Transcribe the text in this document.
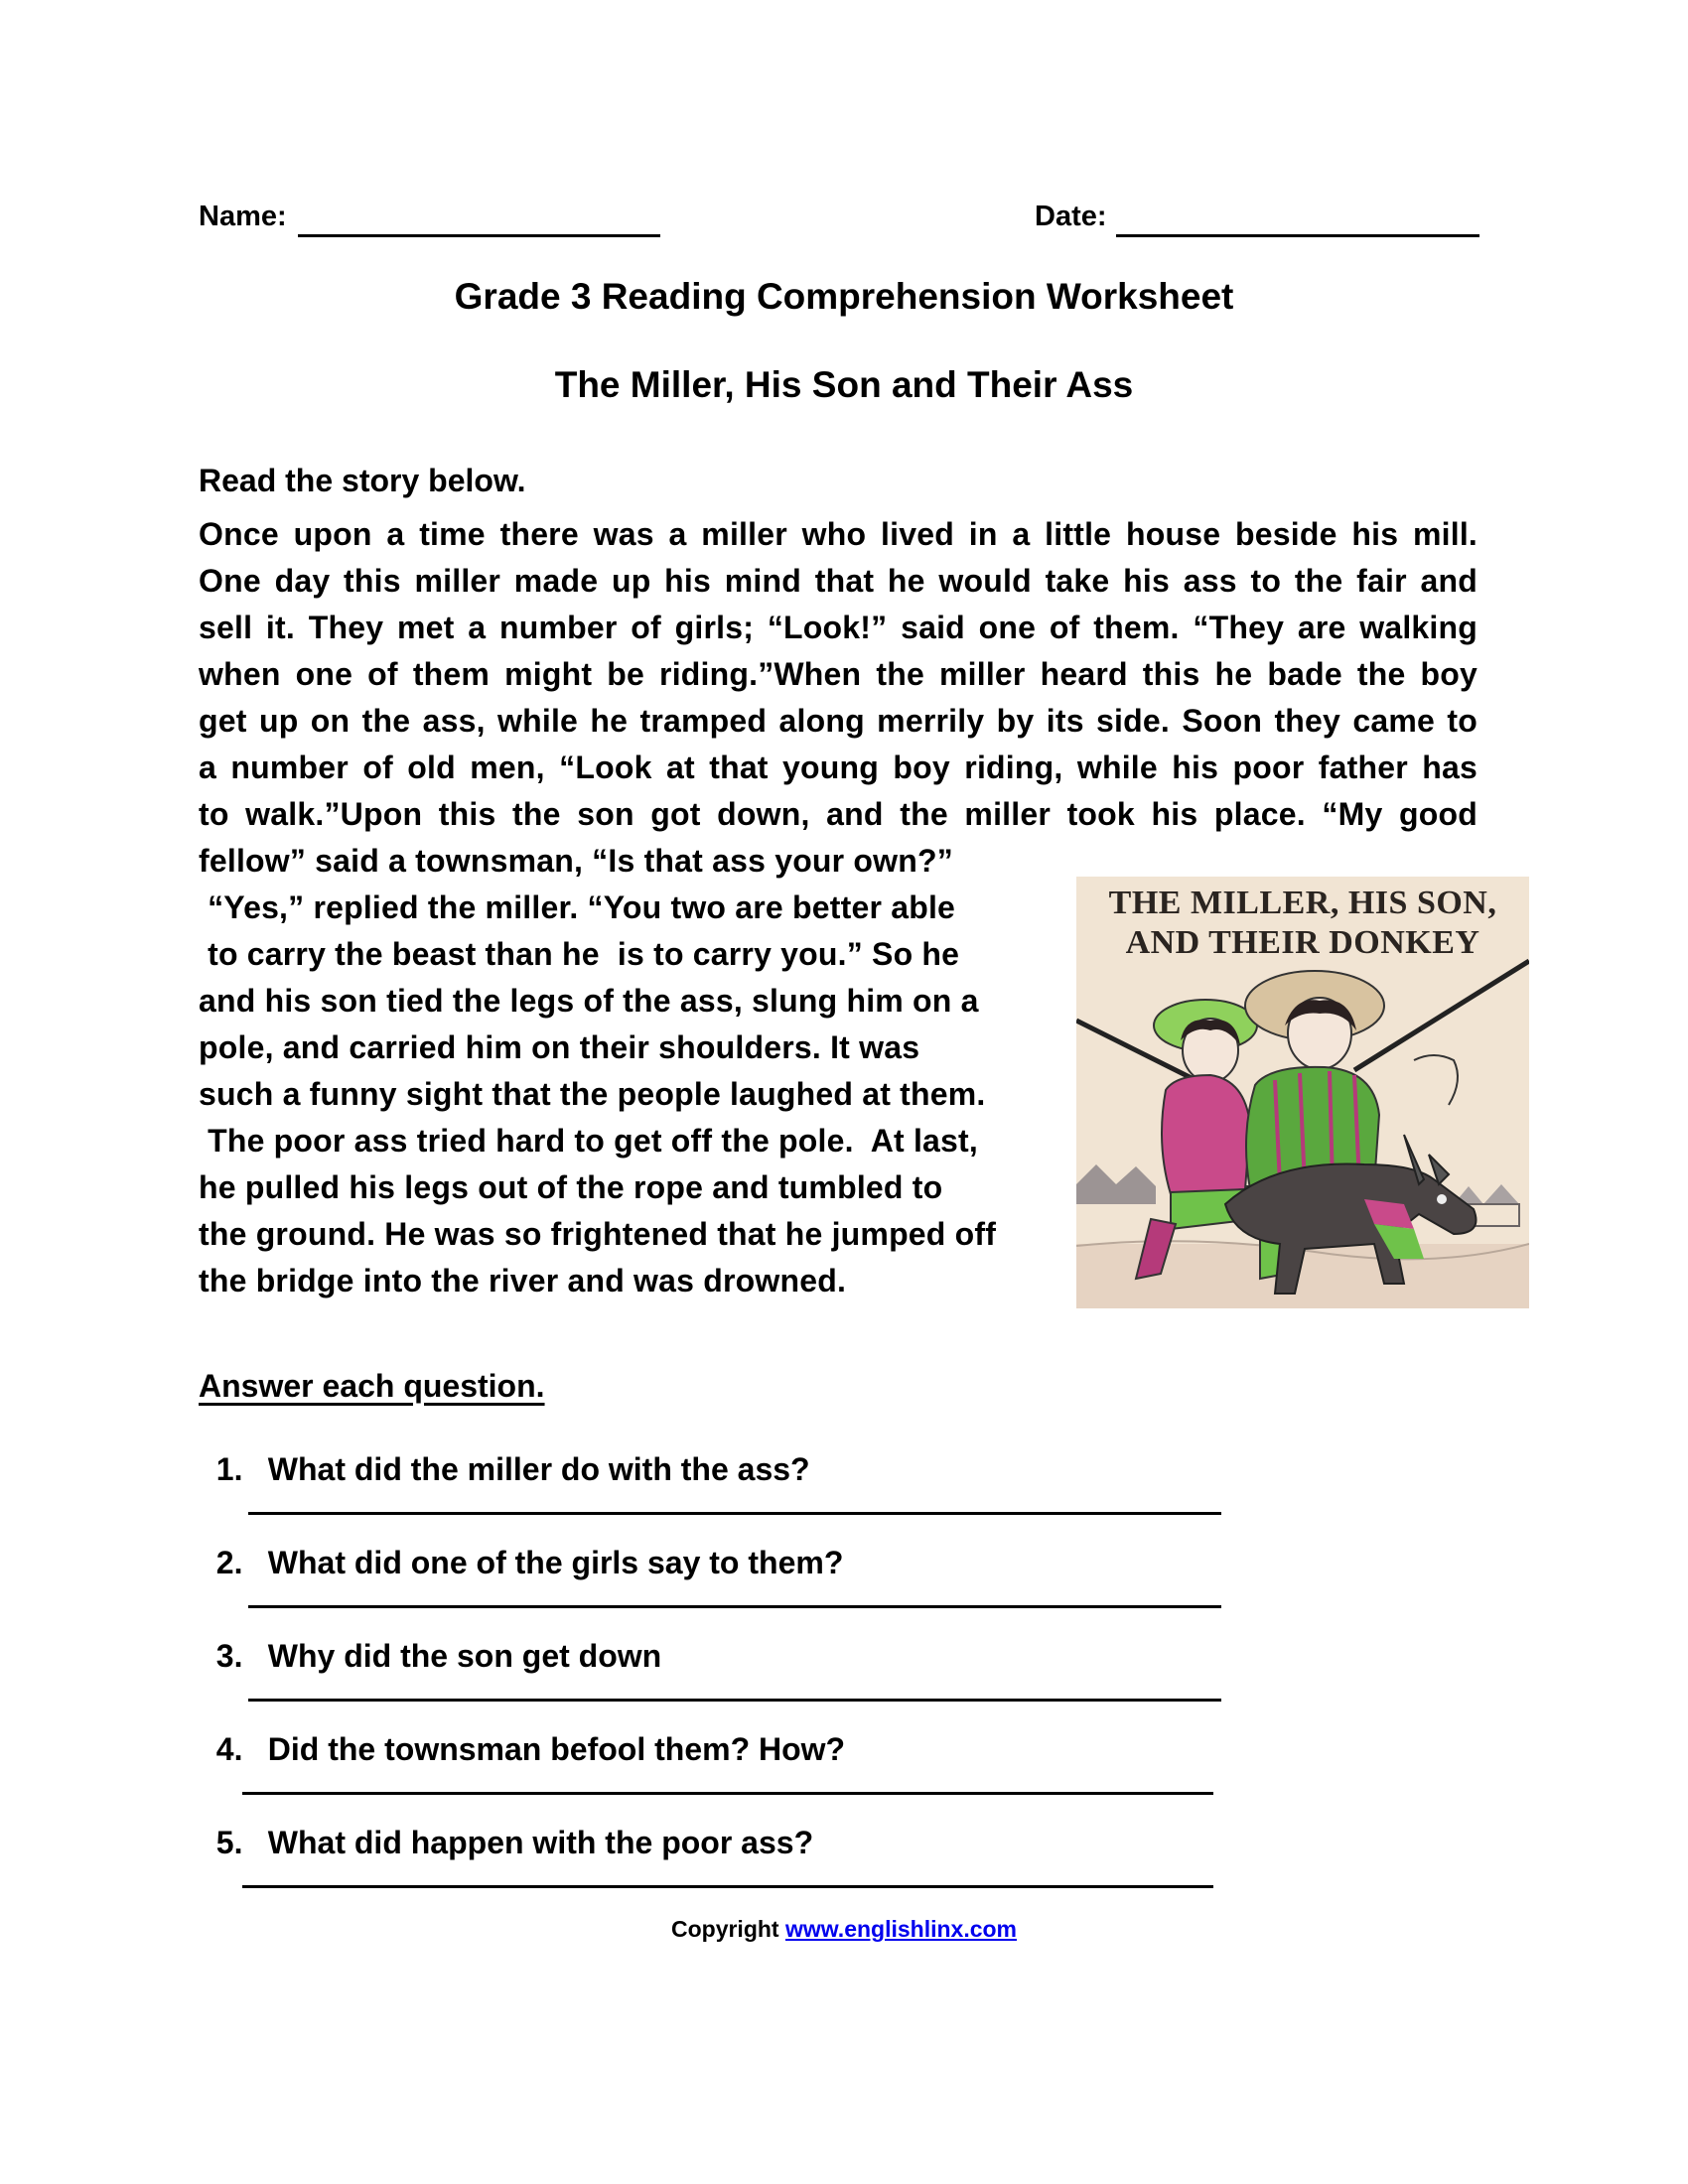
Name:	Date:
Grade 3 Reading Comprehension Worksheet
The Miller, His Son and Their Ass
Read the story below.
Once upon a time there was a miller who lived in a little house beside his mill.
One day this miller made up his mind that he would take his ass to the fair and
sell it. They met a number of girls; “Look!” said one of them. “They are walking
when one of them might be riding.”When the miller heard this he bade the boy
get up on the ass, while he tramped along merrily by its side. Soon they came to
a number of old men, “Look at that young boy riding, while his poor father has
to walk.”Upon this the son got down, and the miller took his place. “My good
fellow” said a townsman, “Is that ass your own?”
“Yes,” replied the miller. “You two are better able
to carry the beast than he  is to carry you.” So he
and his son tied the legs of the ass, slung him on a
pole, and carried him on their shoulders. It was
such a funny sight that the people laughed at them.
The poor ass tried hard to get off the pole.  At last,
he pulled his legs out of the rope and tumbled to
the ground. He was so frightened that he jumped off
the bridge into the river and was drowned.
THE MILLER, HIS SON,
AND THEIR DONKEY
Answer each question.

1. What did the miller do with the ass?

2. What did one of the girls say to them?

3. Why did the son get down

4. Did the townsman befool them? How?

5. What did happen with the poor ass?

Copyright www.englishlinx.com
